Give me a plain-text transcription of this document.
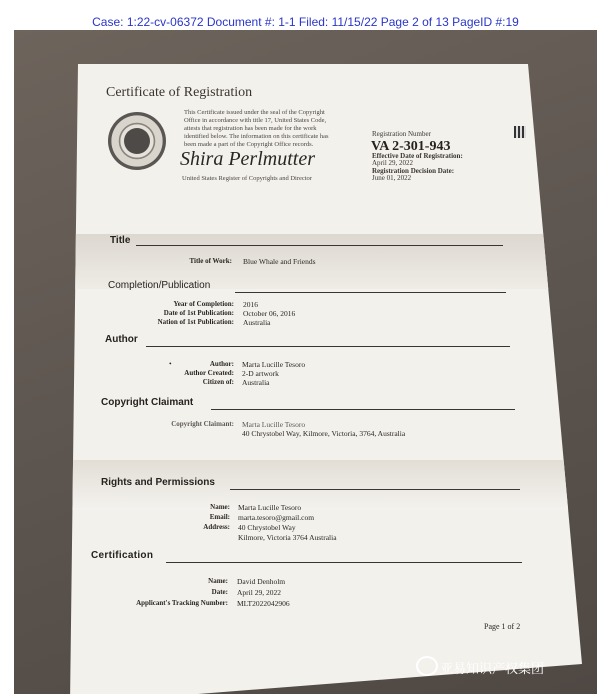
Case: 1:22-cv-06372 Document #: 1-1 Filed: 11/15/22 Page 2 of 13 PageID #:19
Certificate of Registration
This Certificate issued under the seal of the Copyright
Office in accordance with title 17, United States Code,
attests that registration has been made for the work
identified below. The information on this certificate has
been made a part of the Copyright Office records.
Shira Perlmutter
United States Register of Copyrights and Director
Registration Number
VA 2-301-943
Effective Date of Registration:
April 29, 2022
Registration Decision Date:
June 01, 2022
Title
Title of Work: Blue Whale and Friends
Completion/Publication
Year of Completion: 2016
Date of 1st Publication: October 06, 2016
Nation of 1st Publication: Australia
Author
•	Author: Marta Lucille Tesoro
Author Created: 2-D artwork
Citizen of: Australia
Copyright Claimant
Copyright Claimant: Marta Lucille Tesoro
40 Chrystobel Way, Kilmore, Victoria, 3764, Australia
Rights and Permissions
Name: Marta Lucille Tesoro
Email: marta.tesoro@gmail.com
Address: 40 Chrystobel Way
Kilmore, Victoria 3764 Australia
Certification
Name: David Denholm
Date: April 29, 2022
Applicant's Tracking Number: MLT2022042906
Page 1 of 2
亚易知识产权集团
